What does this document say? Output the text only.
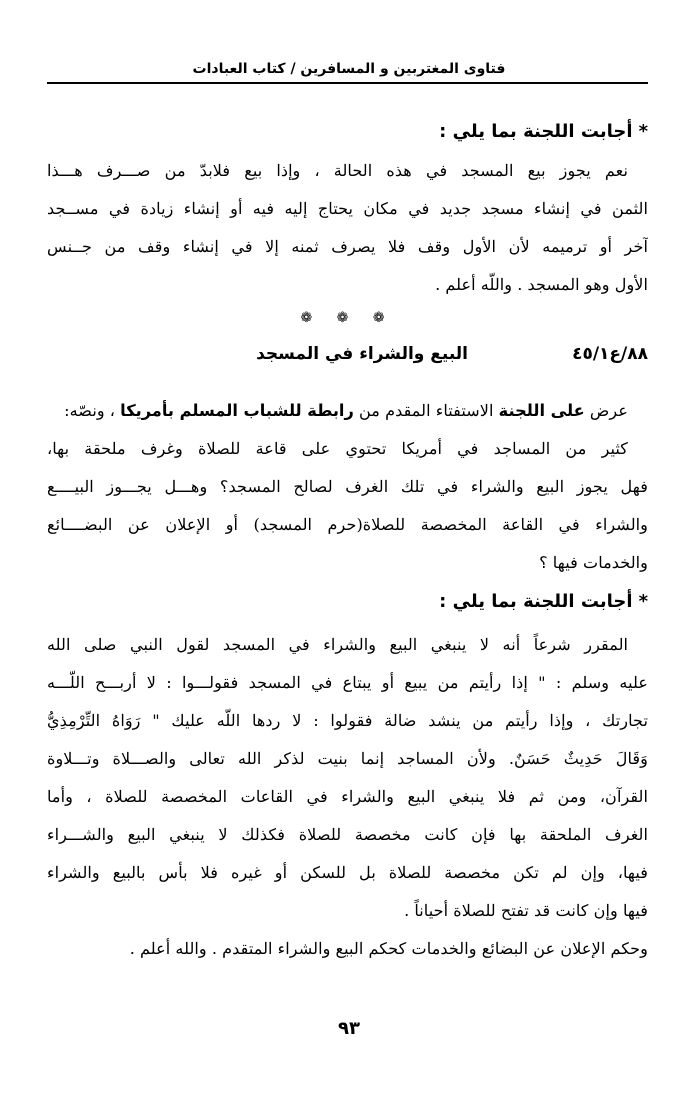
فتاوى المغتربين و المسافرين / كتاب العبادات
*أجابت اللجنة بما يلي :
نعم يجوز بيع المسجد في هذه الحالة ، وإذا بيع فلابدّ من صـــرف هـــذا
الثمن في إنشاء مسجد جديد في مكان يحتاج إليه فيه أو إنشاء زيادة في مســجد
آخر أو ترميمه لأن الأول وقف فلا يصرف ثمنه إلا في إنشاء وقف من جــنس
الأول وهو المسجد . واللّه أعلم .
❁ ❁ ❁
٨٨/ع٤٥/١
البيع والشراء في المسجد
عرض على اللجنة الاستفتاء المقدم من رابطة للشباب المسلم بأمريكا ، ونصّه:
كثير من المساجد في أمريكا تحتوي على قاعة للصلاة وغرف ملحقة بها،
فهل يجوز البيع والشراء في تلك الغرف لصالح المسجد؟ وهـــل يجـــوز البيــــع
والشراء في القاعة المخصصة للصلاة(حرم المسجد) أو الإعلان عن البضــــائع
والخدمات فيها ؟
*أجابت اللجنة بما يلي :
المقرر شرعاً أنه لا ينبغي البيع والشراء في المسجد لقول النبي صلى الله
عليه وسلم : " إذا رأيتم من يبيع أو يبتاع في المسجد فقولـــوا : لا أربـــح اللّـــه
تجارتك ، وإذا رأيتم من ينشد ضالة فقولوا : لا ردها اللّه عليك " رَوَاهُ التِّرْمِذِيُّ
وَقَالَ حَدِيثٌ حَسَنٌ. ولأن المساجد إنما بنيت لذكر الله تعالى والصـــلاة وتـــلاوة
القرآن، ومن ثم فلا ينبغي البيع والشراء في القاعات المخصصة للصلاة ، وأما
الغرف الملحقة بها فإن كانت مخصصة للصلاة فكذلك لا ينبغي البيع والشـــراء
فيها، وإن لم تكن مخصصة للصلاة بل للسكن أو غيره فلا بأس بالبيع والشراء
فيها وإن كانت قد تفتح للصلاة أحياناً .
وحكم الإعلان عن البضائع والخدمات كحكم البيع والشراء المتقدم . والله أعلم .
٩٣
